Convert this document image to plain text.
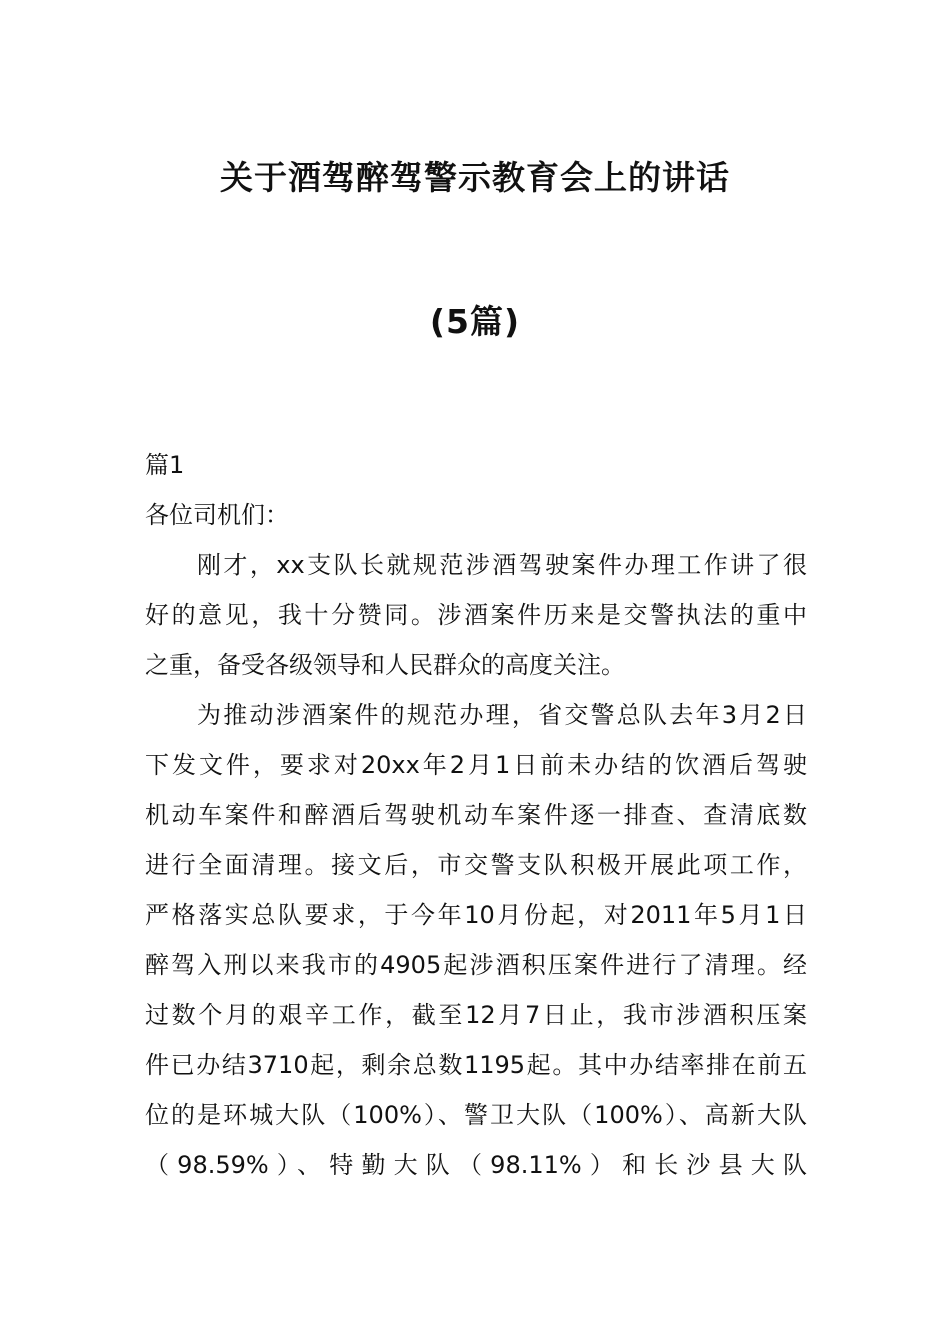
关于酒驾醉驾警示教育会上的讲话
(5篇)
篇1
各位司机们：
刚才，xx支队长就规范涉酒驾驶案件办理工作讲了很
好的意见，我十分赞同。涉酒案件历来是交警执法的重中
之重，备受各级领导和人民群众的高度关注。
为推动涉酒案件的规范办理，省交警总队去年3月2日
下发文件，要求对20xx年2月1日前未办结的饮酒后驾驶
机动车案件和醉酒后驾驶机动车案件逐一排查、查清底数
进行全面清理。接文后，市交警支队积极开展此项工作，
严格落实总队要求，于今年10月份起，对2011年5月1日
醉驾入刑以来我市的4905起涉酒积压案件进行了清理。经
过数个月的艰辛工作，截至12月7日止，我市涉酒积压案
件已办结3710起，剩余总数1195起。其中办结率排在前五
位的是环城大队（100%）、警卫大队（100%）、高新大队
（98.59%）、特勤大队（98.11%）和长沙县大队
